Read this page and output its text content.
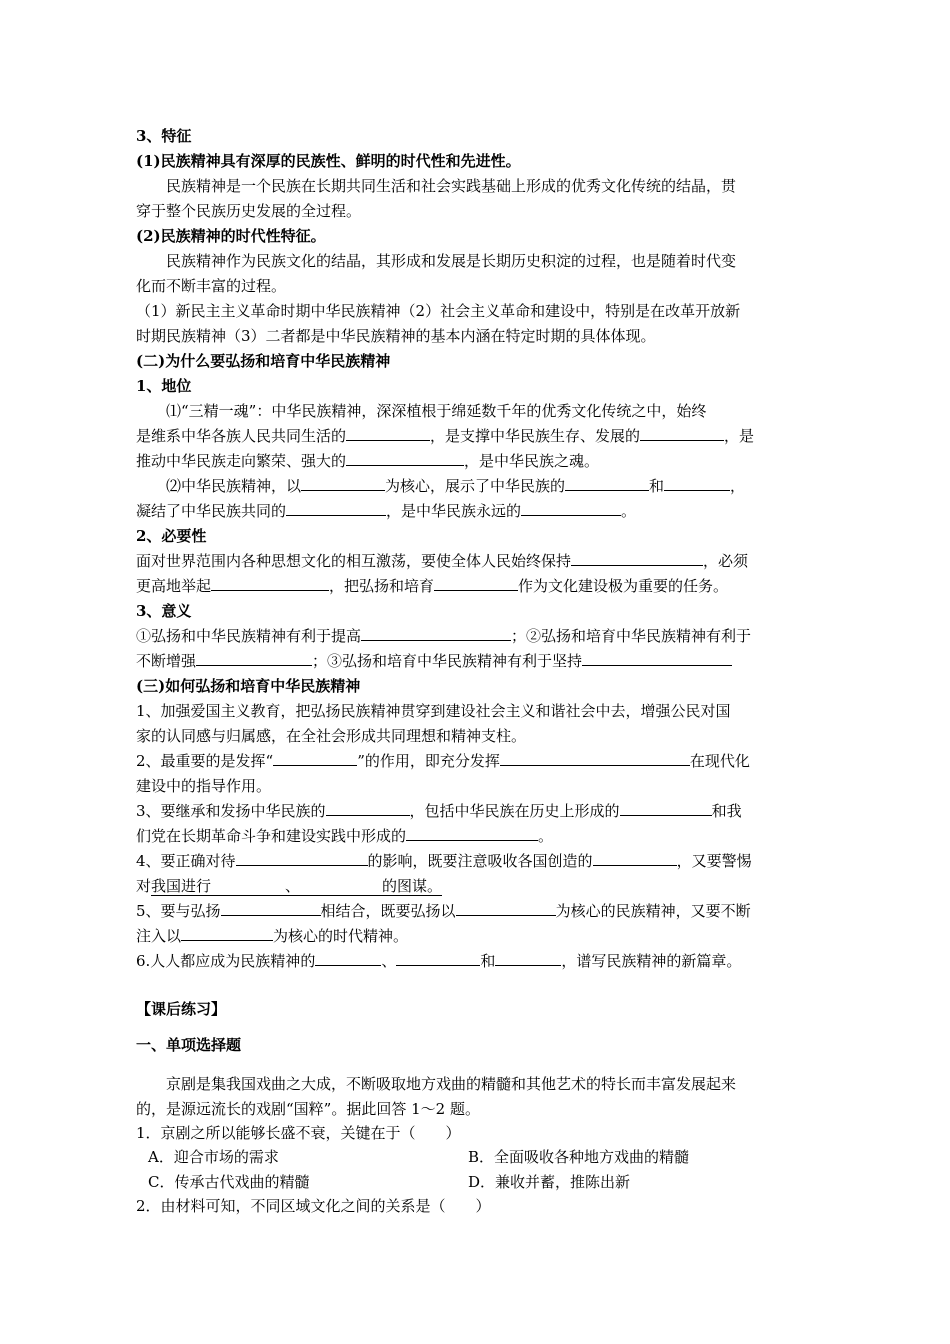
3、特征
(1)民族精神具有深厚的民族性、鲜明的时代性和先进性。
民族精神是一个民族在长期共同生活和社会实践基础上形成的优秀文化传统的结晶，贯
穿于整个民族历史发展的全过程。
(2)民族精神的时代性特征。
民族精神作为民族文化的结晶，其形成和发展是长期历史积淀的过程，也是随着时代变
化而不断丰富的过程。
（1）新民主主义革命时期中华民族精神（2）社会主义革命和建设中，特别是在改革开放新
时期民族精神（3）二者都是中华民族精神的基本内涵在特定时期的具体体现。
(二)为什么要弘扬和培育中华民族精神
1、地位
⑴“三精一魂”：中华民族精神，深深植根于绵延数千年的优秀文化传统之中，始终
是维系中华各族人民共同生活的	，是支撑中华民族生存、发展的	，是
推动中华民族走向繁荣、强大的	，是中华民族之魂。
⑵中华民族精神，以	为核心，展示了中华民族的	和	，
凝结了中华民族共同的	，是中华民族永远的	。
2、必要性
面对世界范围内各种思想文化的相互激荡，要使全体人民始终保持	，必须
更高地举起	，把弘扬和培育	作为文化建设极为重要的任务。
3、意义
①弘扬和中华民族精神有利于提高	；②弘扬和培育中华民族精神有利于
不断增强	；③弘扬和培育中华民族精神有利于坚持
(三)如何弘扬和培育中华民族精神
1、加强爱国主义教育，把弘扬民族精神贯穿到建设社会主义和谐社会中去，增强公民对国
家的认同感与归属感，在全社会形成共同理想和精神支柱。
2、最重要的是发挥“	”的作用，即充分发挥	在现代化
建设中的指导作用。
3、要继承和发扬中华民族的	，包括中华民族在历史上形成的	和我
们党在长期革命斗争和建设实践中形成的	。
4、要正确对待	的影响，既要注意吸收各国创造的	，又要警惕
对我国进行	、	的图谋。
5、要与弘扬	相结合，既要弘扬以	为核心的民族精神，又要不断
注入以	为核心的时代精神。
6.人人都应成为民族精神的	、	和	，谱写民族精神的新篇章。
【课后练习】
一、单项选择题
京剧是集我国戏曲之大成，不断吸取地方戏曲的精髓和其他艺术的特长而丰富发展起来
的，是源远流长的戏剧“国粹”。据此回答 1～2 题。
1．京剧之所以能够长盛不衰，关键在于（　　）
A．迎合市场的需求	B．全面吸收各种地方戏曲的精髓
C．传承古代戏曲的精髓	D．兼收并蓄，推陈出新
2．由材料可知，不同区域文化之间的关系是（　　）
